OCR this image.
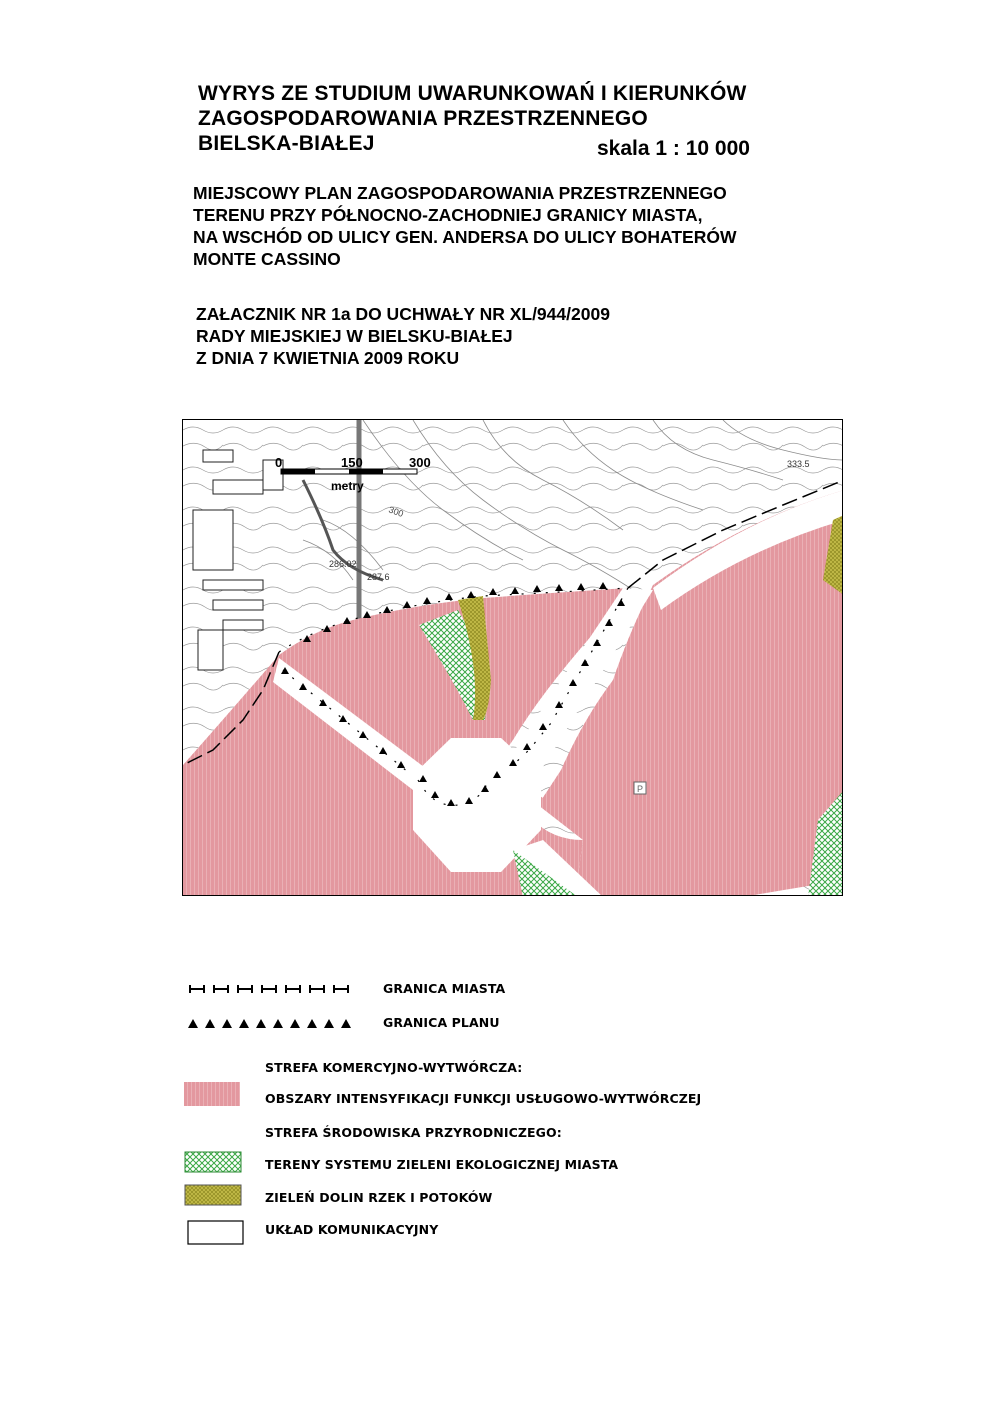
WYRYS ZE STUDIUM UWARUNKOWAŃ I KIERUNKÓW
ZAGOSPODAROWANIA PRZESTRZENNEGO
BIELSKA-BIAŁEJ	skala 1 : 10 000
MIEJSCOWY PLAN ZAGOSPODAROWANIA PRZESTRZENNEGO
TERENU PRZY PÓŁNOCNO-ZACHODNIEJ GRANICY MIASTA,
NA WSCHÓD OD ULICY GEN. ANDERSA DO ULICY BOHATERÓW
MONTE CASSINO
ZAŁACZNIK NR 1a DO UCHWAŁY NR XL/944/2009
RADY MIEJSKIEJ W BIELSKU-BIAŁEJ
Z DNIA 7 KWIETNIA 2009 ROKU
0	150	300
metry
333.5
286.02
287.6
300
P
GRANICA MIASTA
GRANICA PLANU
STREFA KOMERCYJNO-WYTWÓRCZA:
OBSZARY INTENSYFIKACJI FUNKCJI USŁUGOWO-WYTWÓRCZEJ
STREFA ŚRODOWISKA PRZYRODNICZEGO:
TERENY SYSTEMU ZIELENI EKOLOGICZNEJ MIASTA
ZIELEŃ DOLIN RZEK I POTOKÓW
UKŁAD KOMUNIKACYJNY
